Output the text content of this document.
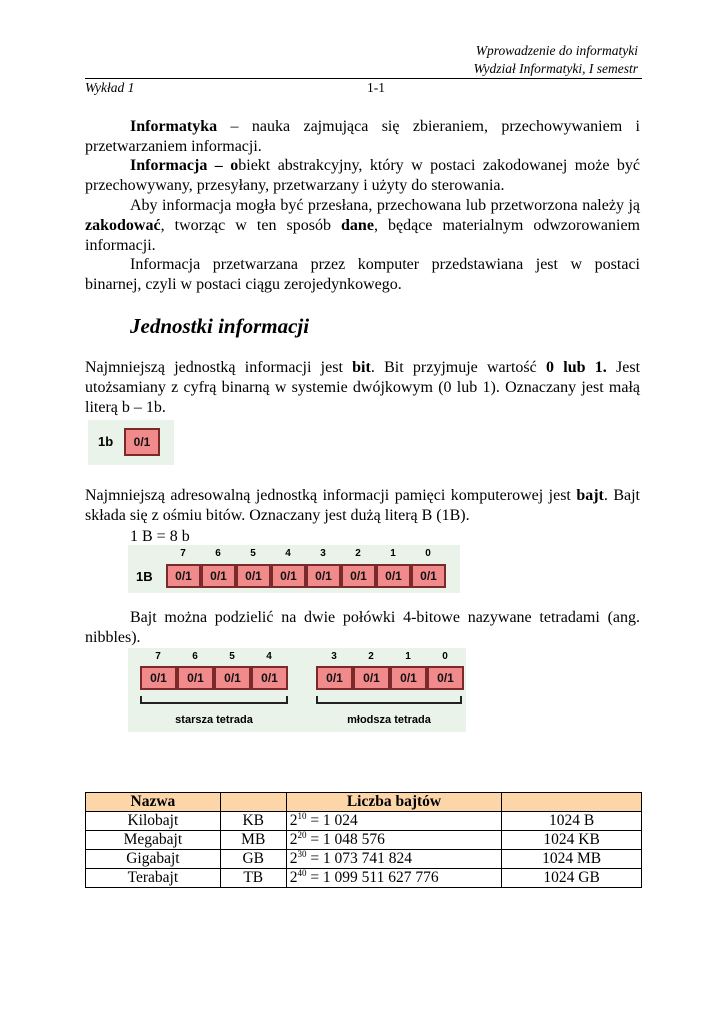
Wprowadzenie do informatyki
Wydział Informatyki, I semestr
Wykład 1	1-1
Informatyka – nauka zajmująca się zbieraniem, przechowywaniem i przetwarzaniem informacji.
Informacja – obiekt abstrakcyjny, który w postaci zakodowanej może być przechowywany, przesyłany, przetwarzany i użyty do sterowania.
Aby informacja mogła być przesłana, przechowana lub przetworzona należy ją zakodować, tworząc w ten sposób dane, będące materialnym odwzorowaniem informacji.
Informacja przetwarzana przez komputer przedstawiana jest w postaci binarnej, czyli w postaci ciągu zerojedynkowego.
Jednostki informacji
Najmniejszą jednostką informacji jest bit. Bit przyjmuje wartość 0 lub 1. Jest utożsamiany z cyfrą binarną w systemie dwójkowym (0 lub 1). Oznaczany jest małą literą b – 1b.
1b	0/1
Najmniejszą adresowalną jednostką informacji pamięci komputerowej jest bajt. Bajt składa się z ośmiu bitów. Oznaczany jest dużą literą B (1B).
1 B = 8 b
1B
7
0/1
6
0/1
5
0/1
4
0/1
3
0/1
2
0/1
1
0/1
0
0/1
Bajt można podzielić na dwie połówki 4-bitowe nazywane tetradami (ang. nibbles).
starsza tetrada	młodsza tetrada
7
0/1
6
0/1
5
0/1
4
0/1
3
0/1
2
0/1
1
0/1
0
0/1
Nazwa		Liczba bajtów	
Kilobajt	KB	$2^{10} = 1$ 024	1024 B
Megabajt	MB	$2^{20} = 1$ 048 576	1024 KB
Gigabajt	GB	$2^{30} = 1$ 073 741 824	1024 MB
Terabajt	TB	$2^{40} = 1$ 099 511 627 776	1024 GB
